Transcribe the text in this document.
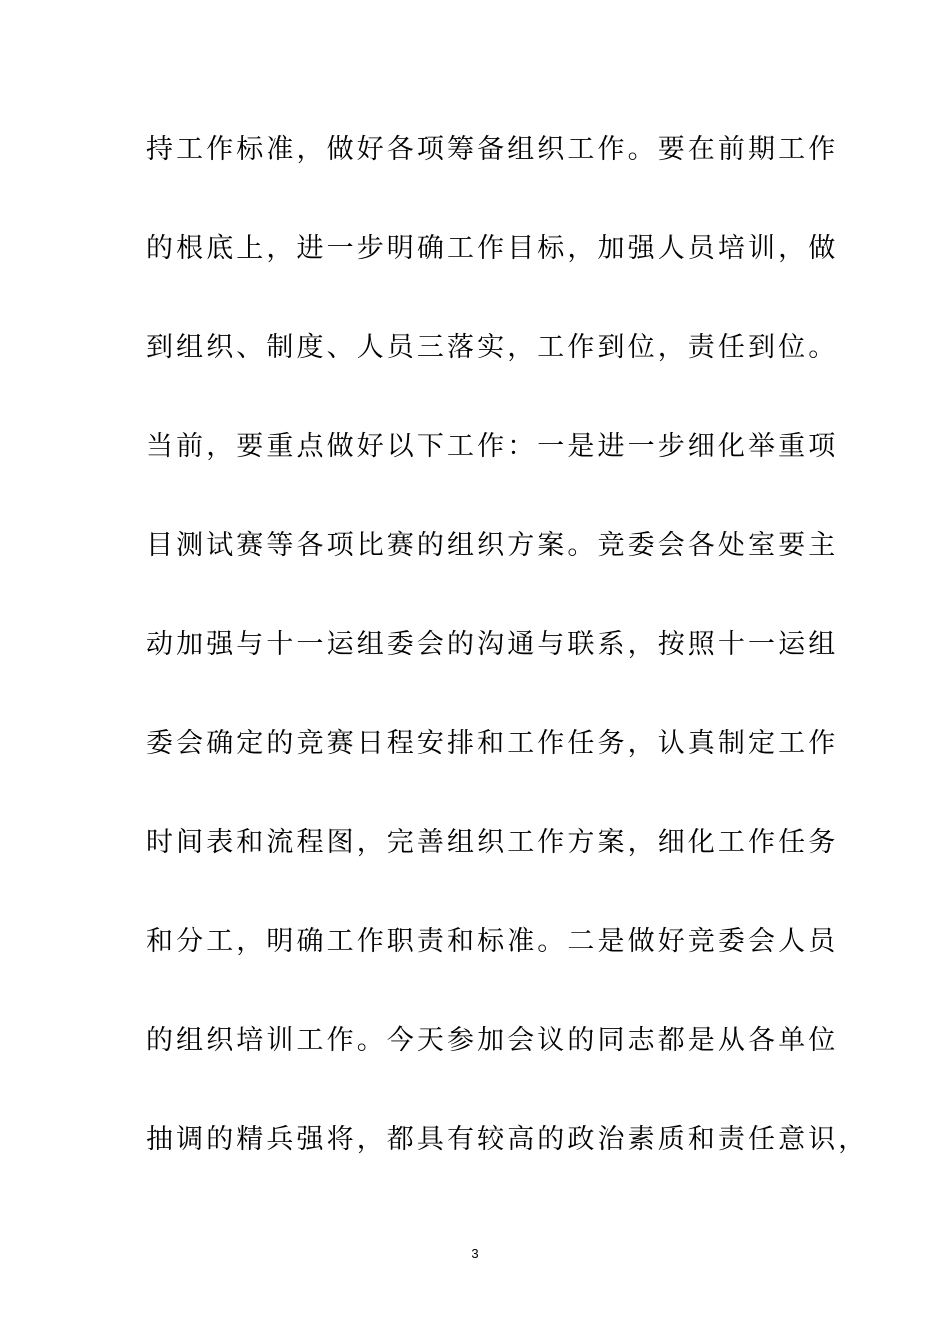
持工作标准，做好各项筹备组织工作。要在前期工作

的根底上，进一步明确工作目标，加强人员培训，做

到组织、制度、人员三落实，工作到位，责任到位。

当前，要重点做好以下工作：一是进一步细化举重项

目测试赛等各项比赛的组织方案。竞委会各处室要主

动加强与十一运组委会的沟通与联系，按照十一运组

委会确定的竞赛日程安排和工作任务，认真制定工作

时间表和流程图，完善组织工作方案，细化工作任务

和分工，明确工作职责和标准。二是做好竞委会人员

的组织培训工作。今天参加会议的同志都是从各单位

抽调的精兵强将，都具有较高的政治素质和责任意识，

3
